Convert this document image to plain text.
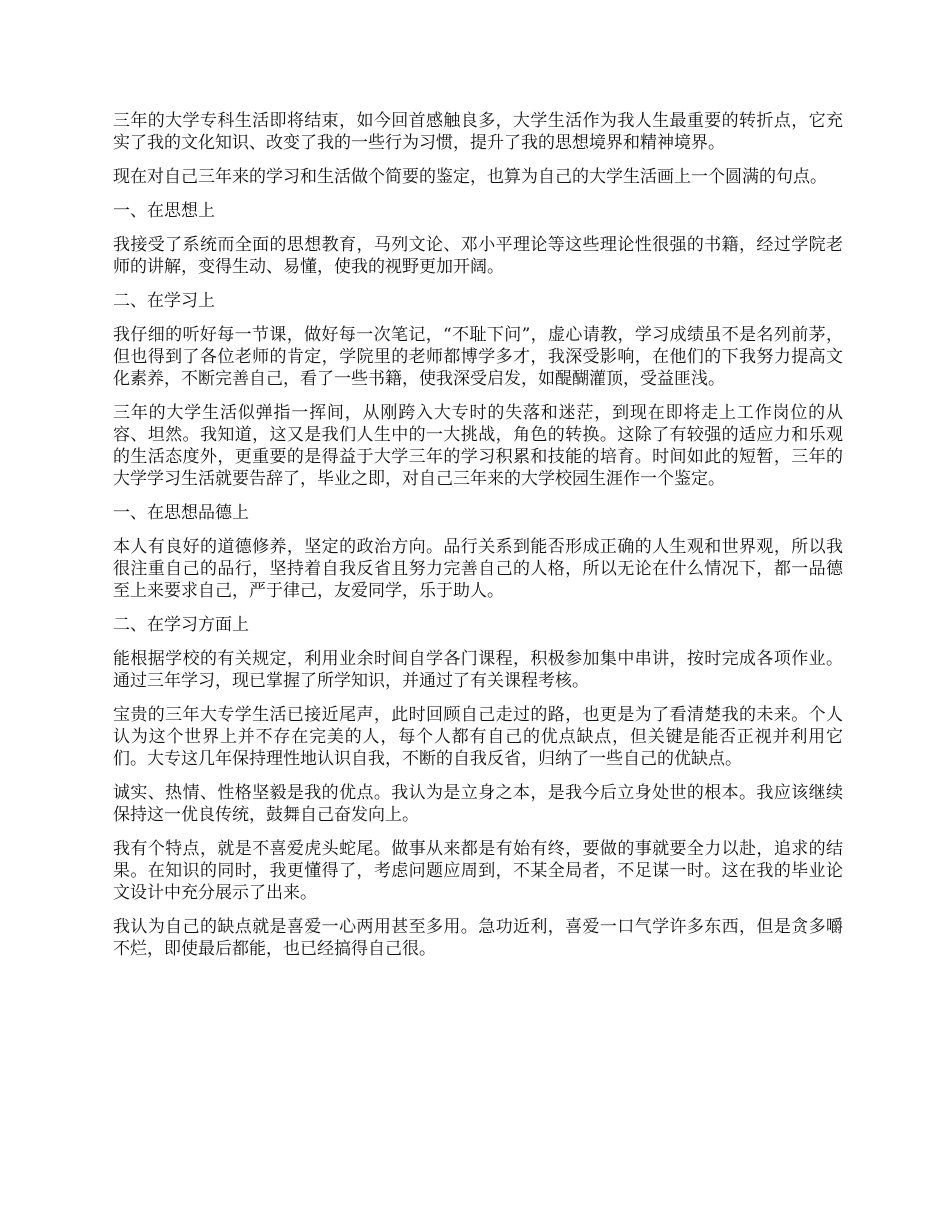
三年的大学专科生活即将结束，如今回首感触良多，大学生活作为我人生最重要的转折点，它充实了我的文化知识、改变了我的一些行为习惯，提升了我的思想境界和精神境界。

现在对自己三年来的学习和生活做个简要的鉴定，也算为自己的大学生活画上一个圆满的句点。

一、在思想上

我接受了系统而全面的思想教育，马列文论、邓小平理论等这些理论性很强的书籍，经过学院老师的讲解，变得生动、易懂，使我的视野更加开阔。

二、在学习上

我仔细的听好每一节课，做好每一次笔记，“不耻下问”，虚心请教，学习成绩虽不是名列前茅，但也得到了各位老师的肯定，学院里的老师都博学多才，我深受影响，在他们的下我努力提高文化素养，不断完善自己，看了一些书籍，使我深受启发，如醍醐灌顶，受益匪浅。

三年的大学生活似弹指一挥间，从刚跨入大专时的失落和迷茫，到现在即将走上工作岗位的从容、坦然。我知道，这又是我们人生中的一大挑战，角色的转换。这除了有较强的适应力和乐观的生活态度外，更重要的是得益于大学三年的学习积累和技能的培育。时间如此的短暂，三年的大学学习生活就要告辞了，毕业之即，对自己三年来的大学校园生涯作一个鉴定。

一、在思想品德上

本人有良好的道德修养，坚定的政治方向。品行关系到能否形成正确的人生观和世界观，所以我很注重自己的品行，坚持着自我反省且努力完善自己的人格，所以无论在什么情况下，都一品德至上来要求自己，严于律己，友爱同学，乐于助人。

二、在学习方面上

能根据学校的有关规定，利用业余时间自学各门课程，积极参加集中串讲，按时完成各项作业。通过三年学习，现已掌握了所学知识，并通过了有关课程考核。

宝贵的三年大专学生活已接近尾声，此时回顾自己走过的路，也更是为了看清楚我的未来。个人认为这个世界上并不存在完美的人，每个人都有自己的优点缺点，但关键是能否正视并利用它们。大专这几年保持理性地认识自我，不断的自我反省，归纳了一些自己的优缺点。

诚实、热情、性格坚毅是我的优点。我认为是立身之本，是我今后立身处世的根本。我应该继续保持这一优良传统，鼓舞自己奋发向上。

我有个特点，就是不喜爱虎头蛇尾。做事从来都是有始有终，要做的事就要全力以赴，追求的结果。在知识的同时，我更懂得了，考虑问题应周到，不某全局者，不足谋一时。这在我的毕业论文设计中充分展示了出来。

我认为自己的缺点就是喜爱一心两用甚至多用。急功近利，喜爱一口气学许多东西，但是贪多嚼不烂，即使最后都能，也已经搞得自己很。
